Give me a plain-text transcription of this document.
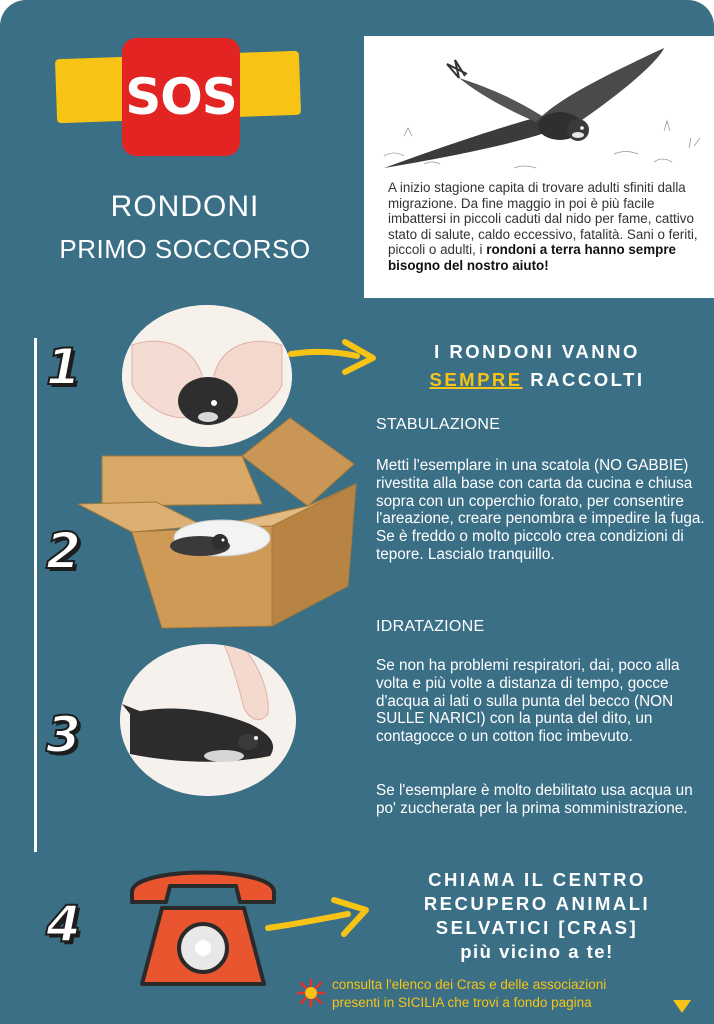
SOS
RONDONI
PRIMO SOCCORSO
A inizio stagione capita di trovare adulti sfiniti dalla migrazione. Da fine maggio in poi è più facile imbattersi in piccoli caduti dal nido per fame, cattivo stato di salute, caldo eccessivo, fatalità. Sani o feriti, piccoli o adulti, i rondoni a terra hanno sempre bisogno del nostro aiuto!
1
2
3
4
I RONDONI VANNO
SEMPRE RACCOLTI
STABULAZIONE
Metti l'esemplare in una scatola (NO GABBIE) rivestita alla base con carta da cucina e chiusa sopra con un coperchio forato, per consentire l'areazione, creare penombra e impedire la fuga. Se è freddo o molto piccolo crea condizioni di tepore. Lascialo tranquillo.
IDRATAZIONE
Se non ha problemi respiratori, dai, poco alla volta e più volte a distanza di tempo, gocce d'acqua ai lati o sulla punta del becco (NON SULLE NARICI) con la punta del dito, un contagocce o un cotton fioc imbevuto.
Se l'esemplare è molto debilitato usa acqua un po' zuccherata per la prima somministrazione.
CHIAMA IL CENTRO
RECUPERO ANIMALI
SELVATICI [CRAS]
più vicino a te!
consulta l'elenco dei Cras e delle associazioni
presenti in SICILIA che trovi a fondo pagina
